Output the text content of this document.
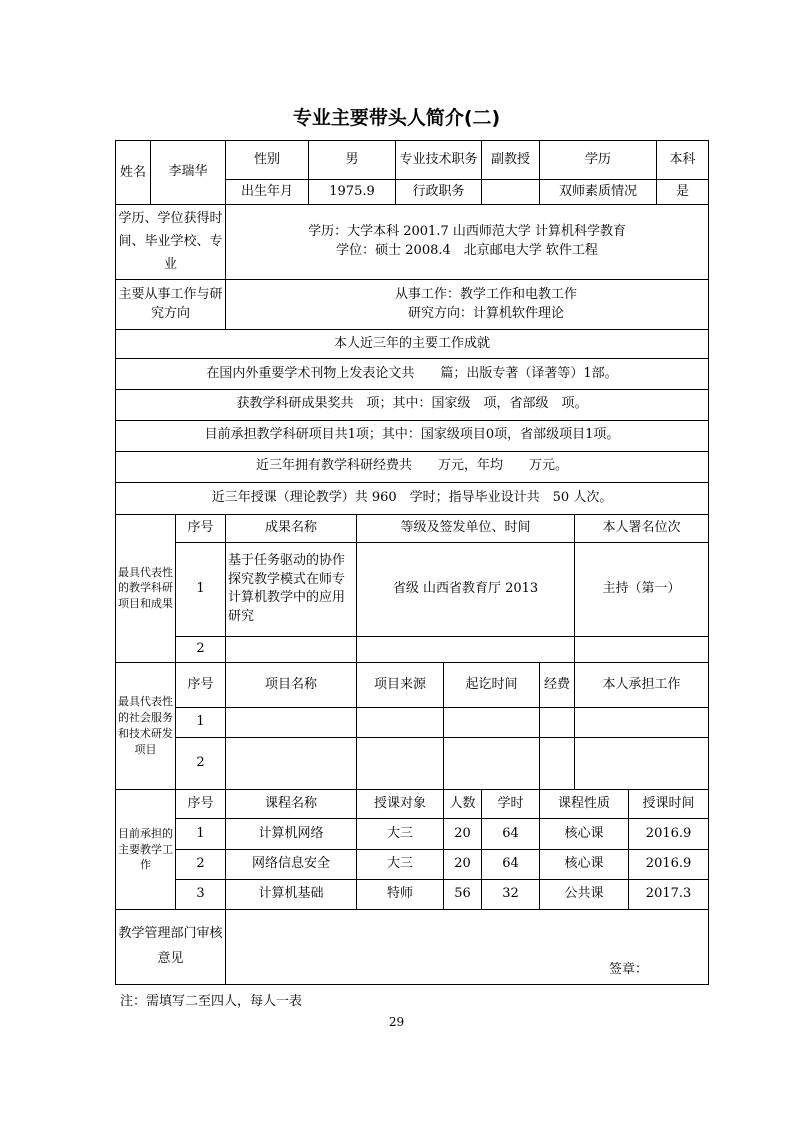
专业主要带头人简介(二)
姓名	李瑞华		性别	男		专业技术职务		副教授	学历			本科
			出生年月	1975.9		行政职务			双师素质情况			是
学历、学位获得时间、毕业学校、专业			学历：大学本科 2001.7 山西师范大学 计算机科学教育
学位：硕士 2008.4　北京邮电大学 软件工程									

主要从事工作与研究方向			从事工作：教学工作和电教工作
研究方向：计算机软件理论									

本人近三年的主要工作成就												
在国内外重要学术刊物上发表论文共　　篇；出版专著（译著等）1部。												
获教学科研成果奖共　项；其中：国家级　项，省部级　项。												
目前承担教学科研项目共1项；其中：国家级项目0项，省部级项目1项。												
近三年拥有教学科研经费共　　万元，年均　　万元。												
近三年授课（理论教学）共 960　学时；指导毕业设计共　50 人次。												
最具代表性的教学科研项目和成果		序号	成果名称		等级及签发单位、时间					本人署名位次		
		1	基于任务驱动的协作探究教学模式在师专计算机教学中的应用研究		省级 山西省教育厅 2013					主持（第一）		
		2										
最具代表性的社会服务和技术研发项目		序号	项目名称		项目来源		起讫时间		经费	本人承担工作		
		1										
		2										
目前承担的主要教学工作		序号	课程名称		授课对象		人数	学时	课程性质		授课时间	
		1	计算机网络		大三		20	64	核心课		2016.9	
		2	网络信息安全		大三		20	64	核心课		2016.9	
		3	计算机基础		特师		56	32	公共课		2017.3	
教学管理部门审核意见			签章：									
注：需填写二至四人，每人一表
29
